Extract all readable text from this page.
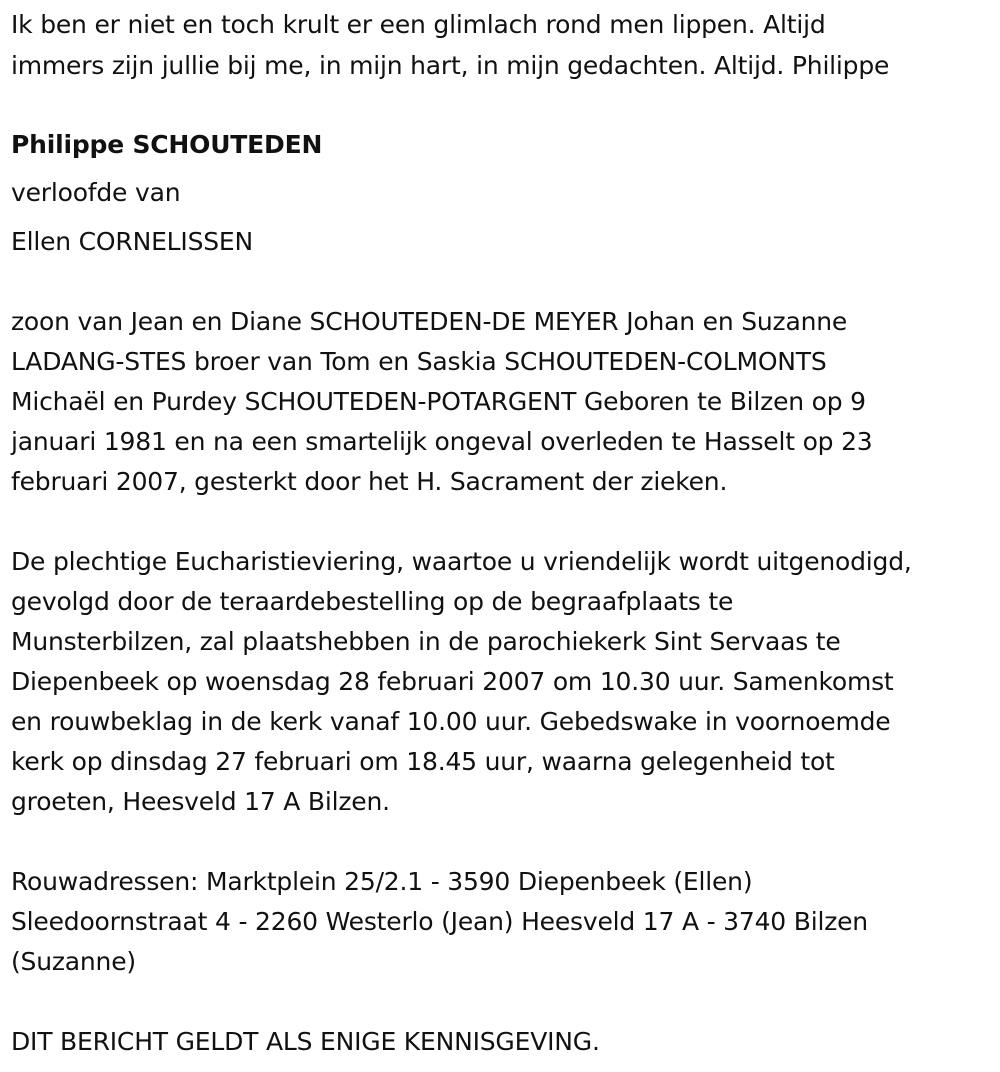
Ik ben er niet en toch krult er een glimlach rond men lippen. Altijd

immers zijn jullie bij me, in mijn hart, in mijn gedachten. Altijd. Philippe

Philippe SCHOUTEDEN

verloofde van

Ellen CORNELISSEN

zoon van Jean en Diane SCHOUTEDEN-DE MEYER Johan en Suzanne

LADANG-STES broer van Tom en Saskia SCHOUTEDEN-COLMONTS

Michaël en Purdey SCHOUTEDEN-POTARGENT Geboren te Bilzen op 9

januari 1981 en na een smartelijk ongeval overleden te Hasselt op 23

februari 2007, gesterkt door het H. Sacrament der zieken.

De plechtige Eucharistieviering, waartoe u vriendelijk wordt uitgenodigd,

gevolgd door de teraardebestelling op de begraafplaats te

Munsterbilzen, zal plaatshebben in de parochiekerk Sint Servaas te

Diepenbeek op woensdag 28 februari 2007 om 10.30 uur. Samenkomst

en rouwbeklag in de kerk vanaf 10.00 uur. Gebedswake in voornoemde

kerk op dinsdag 27 februari om 18.45 uur, waarna gelegenheid tot

groeten, Heesveld 17 A Bilzen.

Rouwadressen: Marktplein 25/2.1 - 3590 Diepenbeek (Ellen)

Sleedoornstraat 4 - 2260 Westerlo (Jean) Heesveld 17 A - 3740 Bilzen

(Suzanne)

DIT BERICHT GELDT ALS ENIGE KENNISGEVING.
